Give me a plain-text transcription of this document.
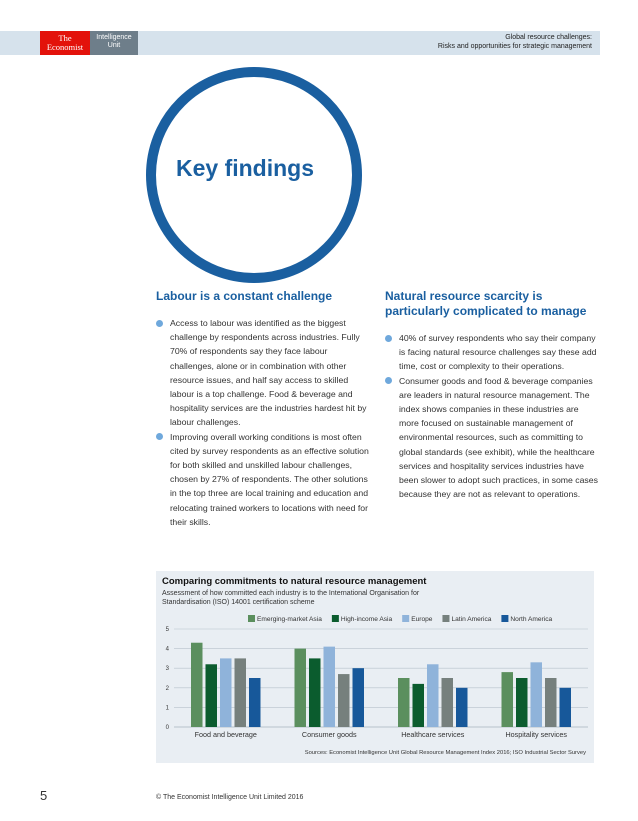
The
Economist
Intelligence
Unit
Global resource challenges:
Risks and opportunities for strategic management
Key findings
Labour is a constant challenge
Access to labour was identified as the biggest challenge by respondents across industries. Fully 70% of respondents say they face labour challenges, alone or in combination with other resource issues, and half say access to skilled labour is a top challenge. Food & beverage and hospitality services are the industries hardest hit by labour challenges.
Improving overall working conditions is most often cited by survey respondents as an effective solution for both skilled and unskilled labour challenges, chosen by 27% of respondents. The other solutions in the top three are local training and education and relocating trained workers to locations with need for their skills.
Natural resource scarcity is particularly complicated to manage
40% of survey respondents who say their company is facing natural resource challenges say these add time, cost or complexity to their operations.
Consumer goods and food & beverage companies are leaders in natural resource management. The index shows companies in these industries are more focused on sustainable management of environmental resources, such as committing to global standards (see exhibit), while the healthcare services and hospitality services industries have been slower to adopt such practices, in some cases because they are not as relevant to operations.
0
1
2
3
4
5
Emerging-market Asia	High-income Asia	Europe	Latin America	North America
Food and beverage	Consumer goods	Healthcare services	Hospitality services
Comparing commitments to natural resource management
Assessment of how committed each industry is to the International Organisation for Standardisation (ISO) 14001 certification scheme
Sources: Economist Intelligence Unit Global Resource Management Index 2016; ISO Industrial Sector Survey
5	© The Economist Intelligence Unit Limited 2016
